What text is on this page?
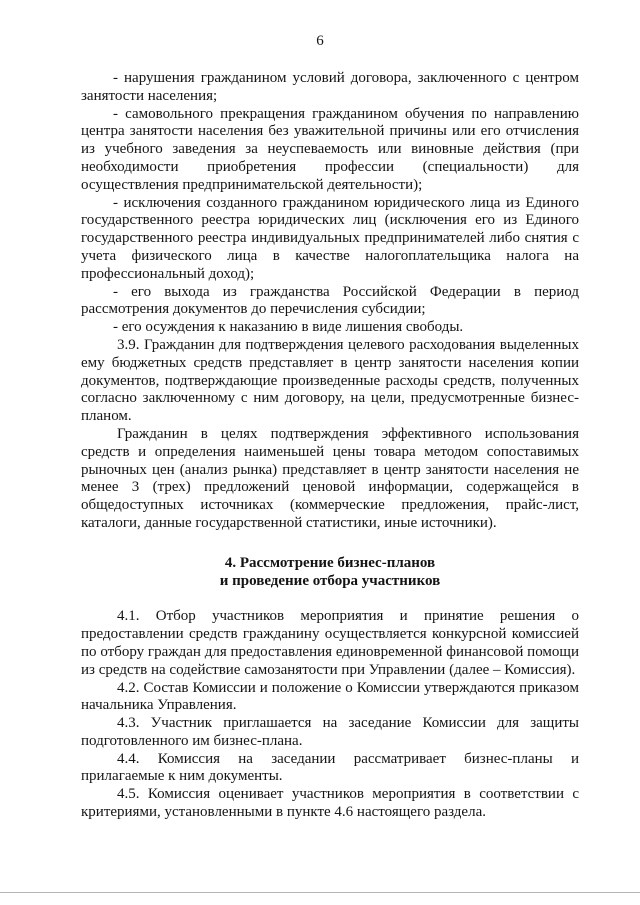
6

- нарушения гражданином условий договора, заключенного с центром занятости населения;

- самовольного прекращения гражданином обучения по направлению центра занятости населения без уважительной причины или его отчисления из учебного заведения за неуспеваемость или виновные действия (при необходимости приобретения профессии (специальности) для осуществления предпринимательской деятельности);

- исключения созданного гражданином юридического лица из Единого государственного реестра юридических лиц (исключения его из Единого государственного реестра индивидуальных предпринимателей либо снятия с учета физического лица в качестве налогоплательщика налога на профессиональный доход);

- его выхода из гражданства Российской Федерации в период рассмотрения документов до перечисления субсидии;

- его осуждения к наказанию в виде лишения свободы.

3.9. Гражданин для подтверждения целевого расходования выделенных ему бюджетных средств представляет в центр занятости населения копии документов, подтверждающие произведенные расходы средств, полученных согласно заключенному с ним договору, на цели, предусмотренные бизнес-планом.

Гражданин в целях подтверждения эффективного использования средств и определения наименьшей цены товара методом сопоставимых рыночных цен (анализ рынка) представляет в центр занятости населения не менее 3 (трех) предложений ценовой информации, содержащейся в общедоступных источниках (коммерческие предложения, прайс-лист, каталоги, данные государственной статистики, иные источники).

4. Рассмотрение бизнес-планов

и проведение отбора участников

4.1. Отбор участников мероприятия и принятие решения о предоставлении средств гражданину осуществляется конкурсной комиссией по отбору граждан для предоставления единовременной финансовой помощи из средств на содействие самозанятости при Управлении (далее – Комиссия).

4.2. Состав Комиссии и положение о Комиссии утверждаются приказом начальника Управления.

4.3. Участник приглашается на заседание Комиссии для защиты подготовленного им бизнес-плана.

4.4. Комиссия на заседании рассматривает бизнес-планы и прилагаемые к ним документы.

4.5. Комиссия оценивает участников мероприятия в соответствии с критериями, установленными в пункте 4.6 настоящего раздела.
